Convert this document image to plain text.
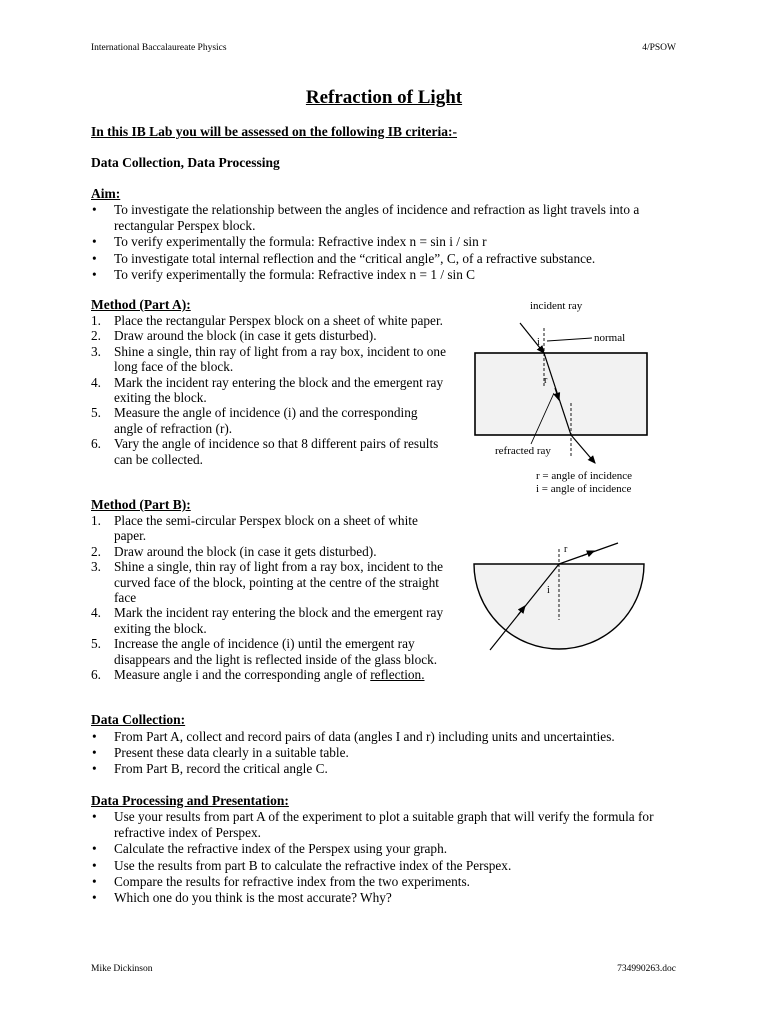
International Baccalaureate Physics	4/PSOW
Refraction of Light
In this IB Lab you will be assessed on the following IB criteria:-
Data Collection, Data Processing
Aim:
• To investigate the relationship between the angles of incidence and refraction as light travels into a rectangular Perspex block.
• To verify experimentally the formula: Refractive index n = sin i / sin r
• To investigate total internal reflection and the “critical angle”, C, of a refractive substance.
• To verify experimentally the formula: Refractive index n = 1 / sin C
Method (Part A):
1. Place the rectangular Perspex block on a sheet of white paper.
2. Draw around the block (in case it gets disturbed).
3. Shine a single, thin ray of light from a ray box, incident to one long face of the block.
4. Mark the incident ray entering the block and the emergent ray exiting the block.
5. Measure the angle of incidence (i) and the corresponding angle of refraction (r).
6. Vary the angle of incidence so that 8 different pairs of results can be collected.
incident ray
normal
i
r
refracted ray
r = angle of incidence
i = angle of incidence
Method (Part B):
1. Place the semi-circular Perspex block on a sheet of white paper.
2. Draw around the block (in case it gets disturbed).
3. Shine a single, thin ray of light from a ray box, incident to the curved face of the block, pointing at the centre of the straight face
4. Mark the incident ray entering the block and the emergent ray exiting the block.
5. Increase the angle of incidence (i) until the emergent ray disappears and the light is reflected inside of the glass block.
6. Measure angle i and the corresponding angle of reflection.
r
i
Data Collection:
• From Part A, collect and record pairs of data (angles I and r) including units and uncertainties.
• Present these data clearly in a suitable table.
• From Part B, record the critical angle C.
Data Processing and Presentation:
• Use your results from part A of the experiment to plot a suitable graph that will verify the formula for refractive index of Perspex.
• Calculate the refractive index of the Perspex using your graph.
• Use the results from part B to calculate the refractive index of the Perspex.
• Compare the results for refractive index from the two experiments.
• Which one do you think is the most accurate? Why?
Mike Dickinson	734990263.doc
